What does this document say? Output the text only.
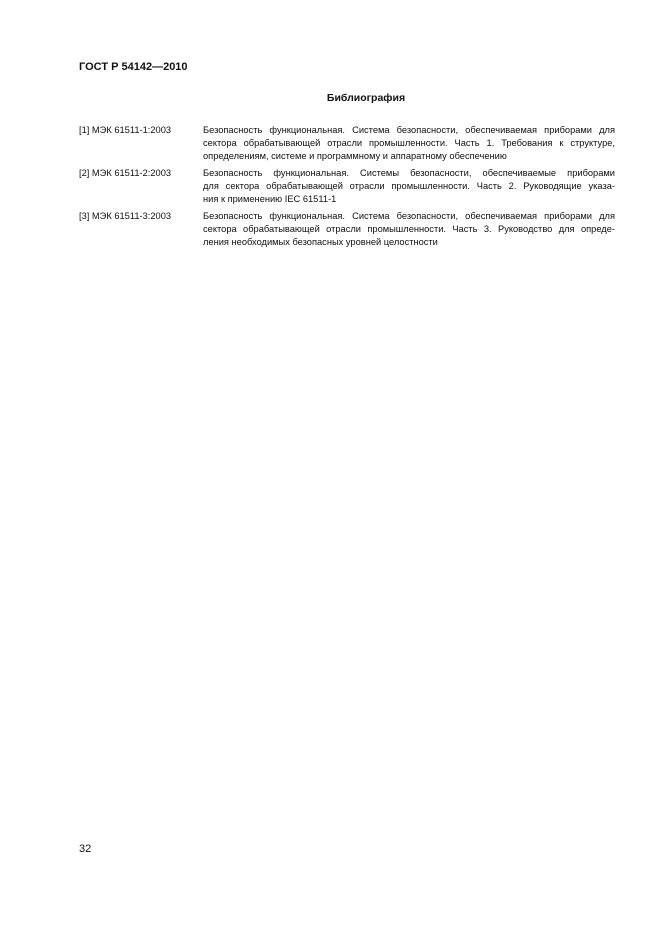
ГОСТ Р 54142—2010
Библиография
[1] МЭК 61511-1:2003	Безопасность функциональная. Система безопасности, обеспечиваемая приборами для
сектора обрабатывающей отрасли промышленности. Часть 1. Требования к структуре,
определениям, системе и программному и аппаратному обеспечению
[2] МЭК 61511-2:2003	Безопасность функциональная. Системы безопасности, обеспечиваемые приборами
для сектора обрабатывающей отрасли промышленности. Часть 2. Руководящие указа-
ния к применению IEC 61511-1
[3] МЭК 61511-3:2003	Безопасность функциональная. Система безопасности, обеспечиваемая приборами для
сектора обрабатывающей отрасли промышленности. Часть 3. Руководство для опреде-
ления необходимых безопасных уровней целостности
32
